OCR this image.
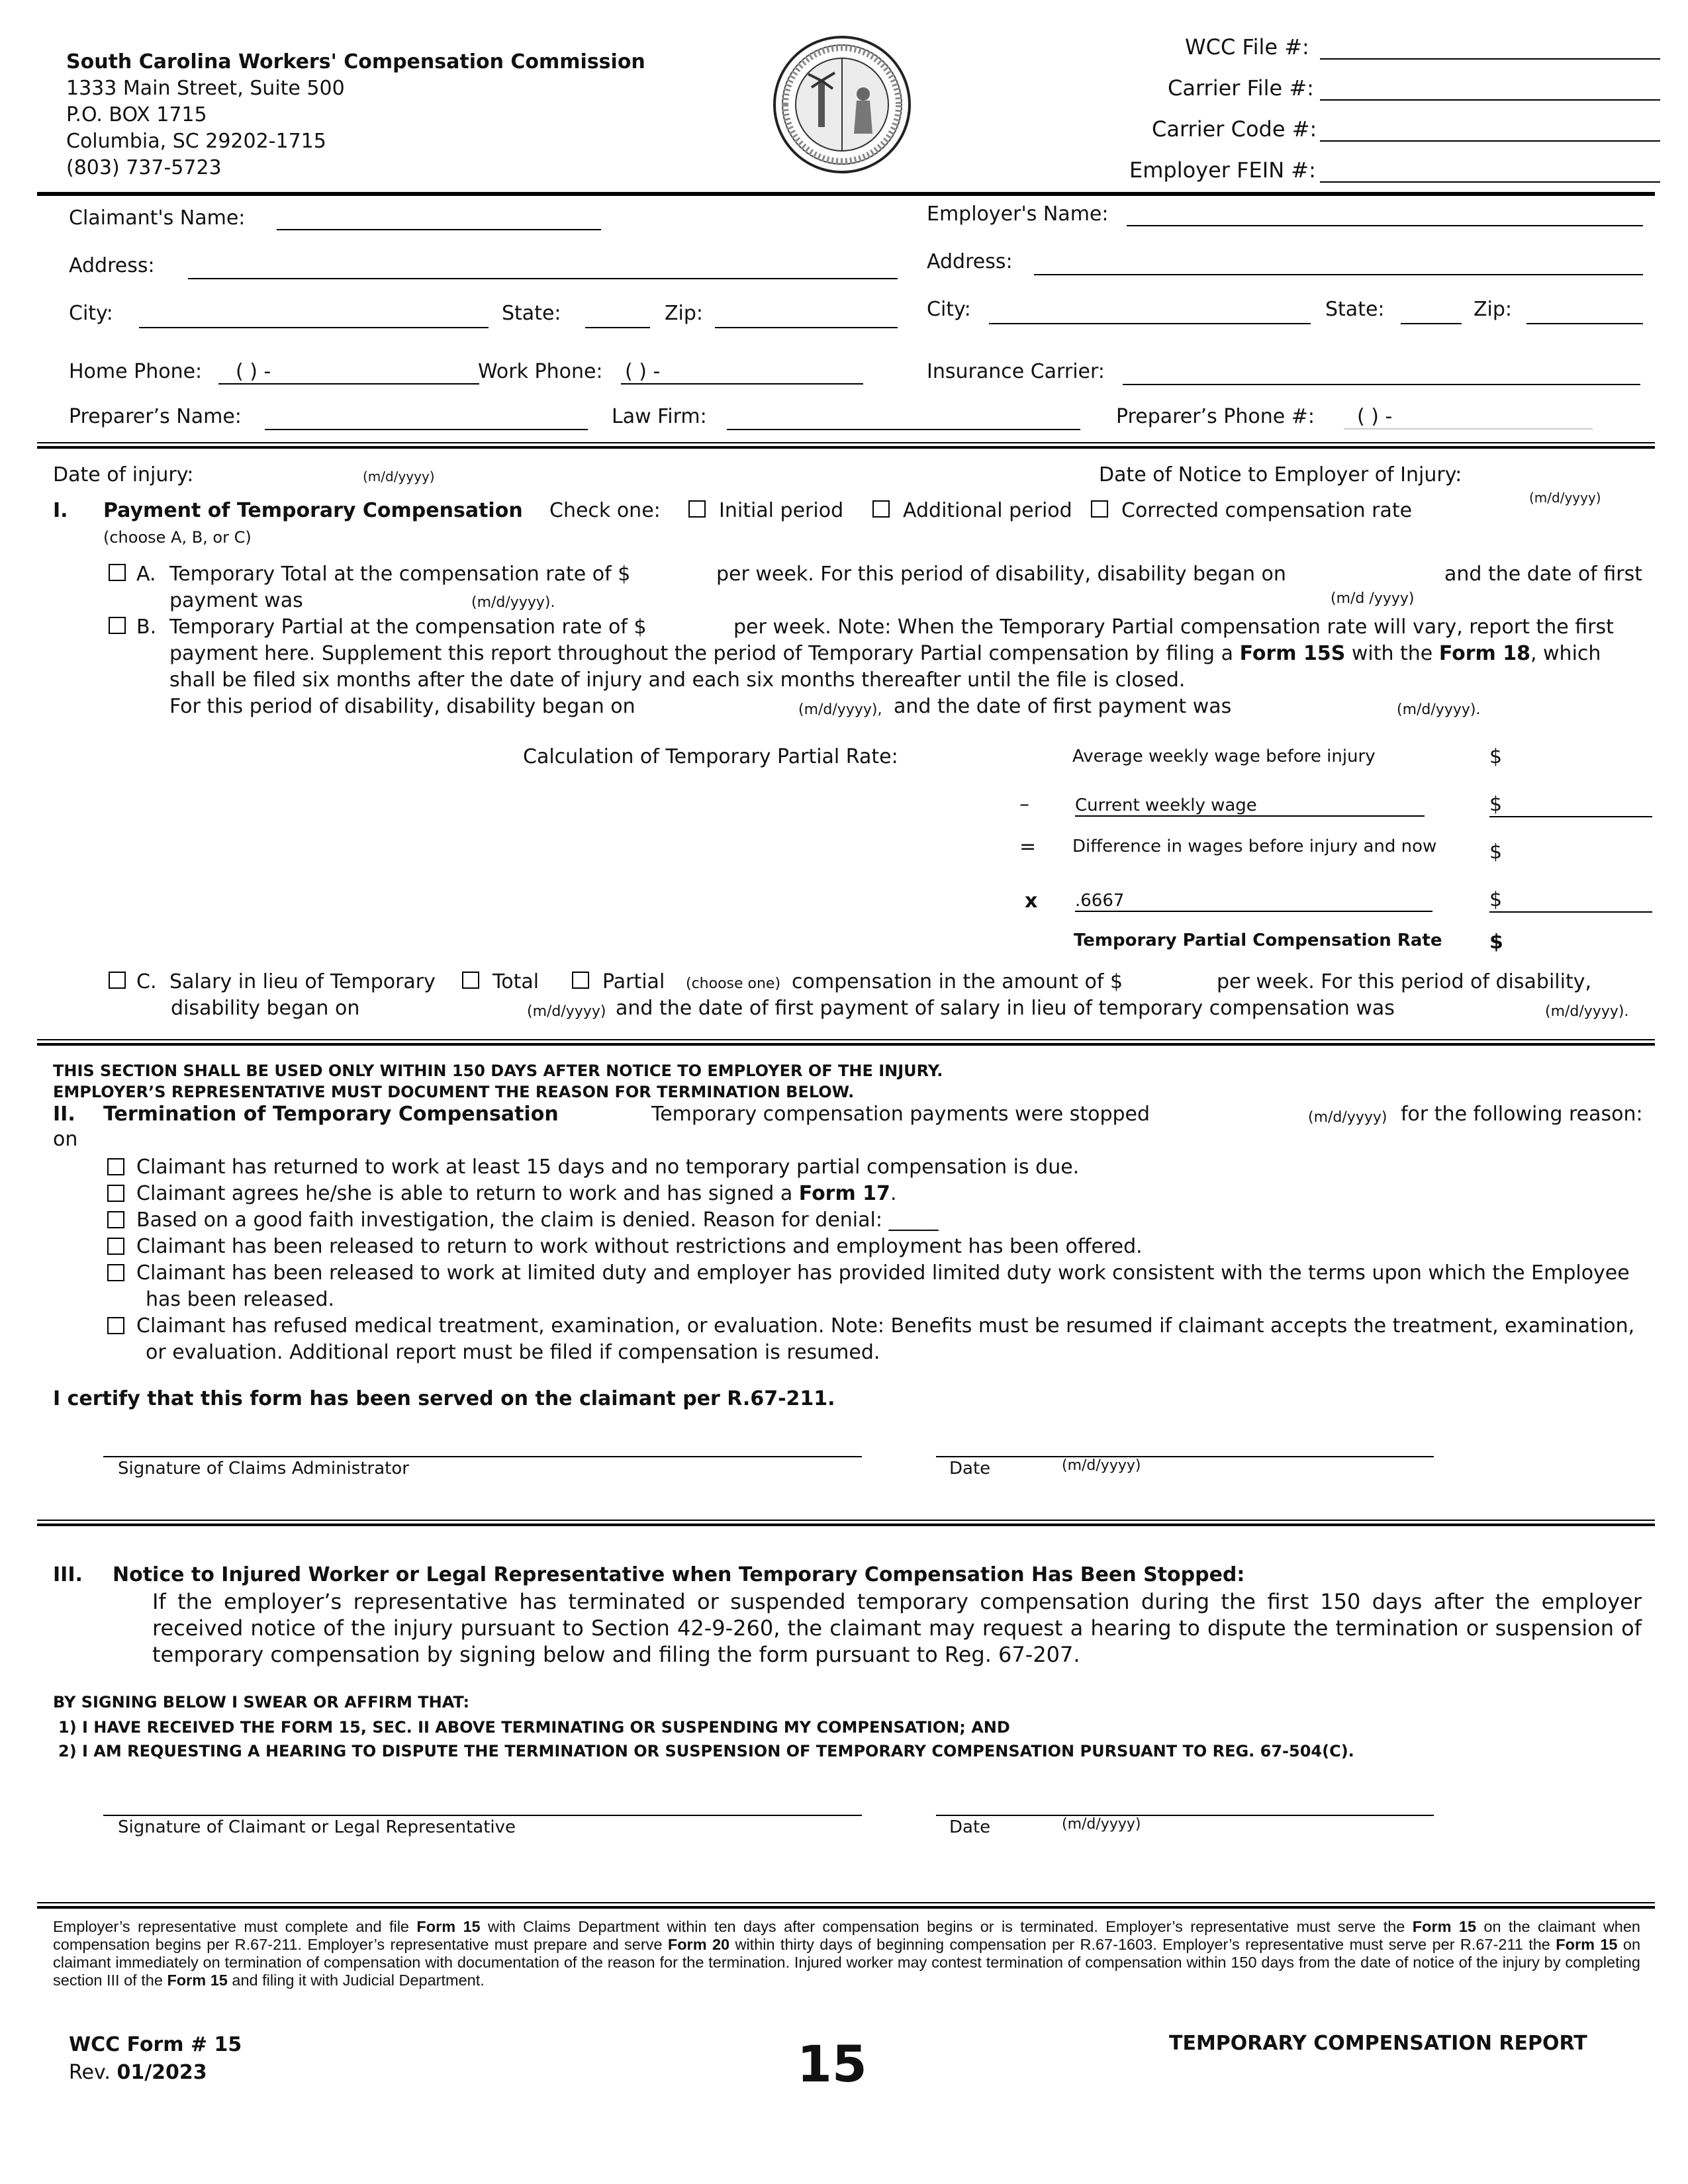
South Carolina Workers' Compensation Commission
1333 Main Street, Suite 500
P.O. BOX 1715
Columbia, SC 29202-1715
(803) 737-5723
WCC File #:
Carrier File #:
Carrier Code #:
Employer FEIN #:
Claimant's Name:
Address:
City:	State:	Zip:
Home Phone:	( ) -	Work Phone: ( ) -
Preparer’s Name:	Law Firm:	Preparer’s Phone #:	( ) -
Employer's Name:
Address:
City:	State:	Zip:
Insurance Carrier:
Date of injury:	(m/d/yyyy)	Date of Notice to Employer of Injury:
(m/d/yyyy)
I. Payment of Temporary Compensation Check one:	Initial period	Additional period Corrected compensation rate
(choose A, B, or C)
A. Temporary Total at the compensation rate of $	per week. For this period of disability, disability began on	and the date of first
payment was	(m/d/yyyy).	(m/d /yyyy)
B. Temporary Partial at the compensation rate of $	per week. Note: When the Temporary Partial compensation rate will vary, report the first
payment here. Supplement this report throughout the period of Temporary Partial compensation by filing a Form 15S with the Form 18, which
shall be filed six months after the date of injury and each six months thereafter until the file is closed.
For this period of disability, disability began on	(m/d/yyyy), and the date of first payment was	(m/d/yyyy).
Calculation of Temporary Partial Rate:	Average weekly wage before injury	$
–	Current weekly wage	$
= Difference in wages before injury and now	$
x .6667	$
Temporary Partial Compensation Rate $
C. Salary in lieu of Temporary	Total	Partial (choose one) compensation in the amount of $	per week. For this period of disability,
disability began on	(m/d/yyyy) and the date of first payment of salary in lieu of temporary compensation was	(m/d/yyyy).
THIS SECTION SHALL BE USED ONLY WITHIN 150 DAYS AFTER NOTICE TO EMPLOYER OF THE INJURY.
EMPLOYER’S REPRESENTATIVE MUST DOCUMENT THE REASON FOR TERMINATION BELOW.
II. Termination of Temporary Compensation	Temporary compensation payments were stopped	(m/d/yyyy) for the following reason:
on
Claimant has returned to work at least 15 days and no temporary partial compensation is due.
Claimant agrees he/she is able to return to work and has signed a Form 17.
Based on a good faith investigation, the claim is denied. Reason for denial: _____
Claimant has been released to return to work without restrictions and employment has been offered.
Claimant has been released to work at limited duty and employer has provided limited duty work consistent with the terms upon which the Employee
has been released.
Claimant has refused medical treatment, examination, or evaluation. Note: Benefits must be resumed if claimant accepts the treatment, examination,
or evaluation. Additional report must be filed if compensation is resumed.
I certify that this form has been served on the claimant per R.67-211.
Signature of Claims Administrator	Date	(m/d/yyyy)
III. Notice to Injured Worker or Legal Representative when Temporary Compensation Has Been Stopped:
If the employer’s representative has terminated or suspended temporary compensation during the first 150 days after the employer received notice of the injury pursuant to Section 42-9-260, the claimant may request a hearing to dispute the termination or suspension of temporary compensation by signing below and filing the form pursuant to Reg. 67-207.
BY SIGNING BELOW I SWEAR OR AFFIRM THAT:
1) I HAVE RECEIVED THE FORM 15, SEC. II ABOVE TERMINATING OR SUSPENDING MY COMPENSATION; AND
2) I AM REQUESTING A HEARING TO DISPUTE THE TERMINATION OR SUSPENSION OF TEMPORARY COMPENSATION PURSUANT TO REG. 67-504(C).
Signature of Claimant or Legal Representative	Date	(m/d/yyyy)
Employer’s representative must complete and file Form 15 with Claims Department within ten days after compensation begins or is terminated. Employer’s representative must serve the Form 15 on the claimant when compensation begins per R.67-211. Employer’s representative must prepare and serve Form 20 within thirty days of beginning compensation per R.67-1603. Employer’s representative must serve per R.67-211 the Form 15 on claimant immediately on termination of compensation with documentation of the reason for the termination. Injured worker may contest termination of compensation within 150 days from the date of notice of the injury by completing section III of the Form 15 and filing it with Judicial Department.
WCC Form # 15
Rev. 01/2023	15	TEMPORARY COMPENSATION REPORT
